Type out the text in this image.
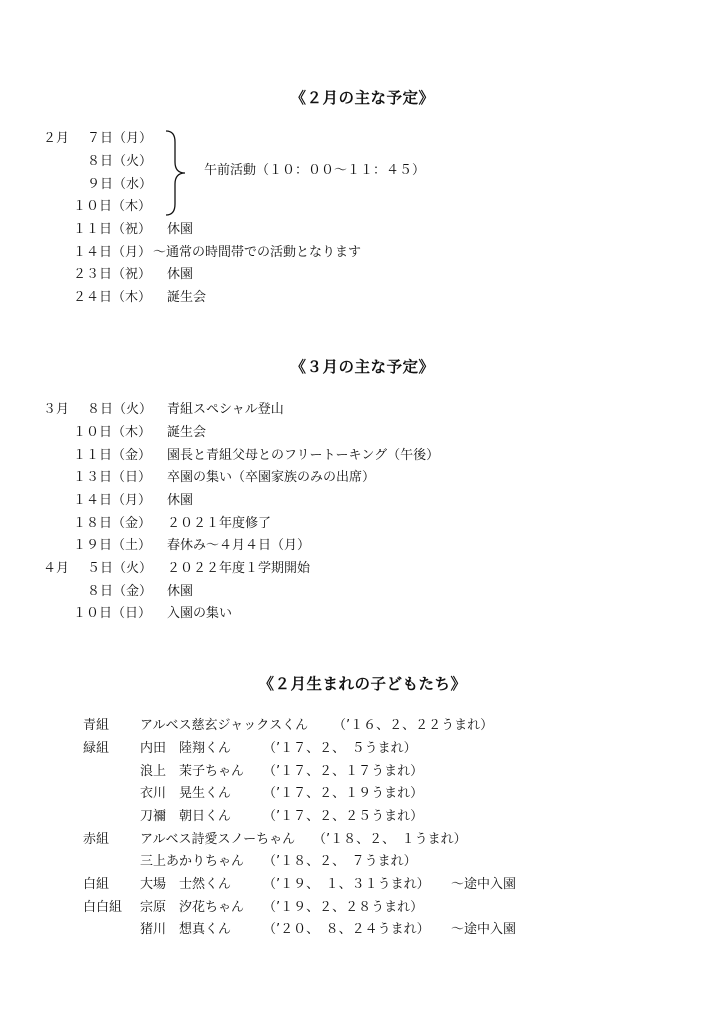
《２月の主な予定》
２月 ７日（月）
８日（火）
９日（水）
１０日（木）
午前活動（１０：００～１１：４５）
１１日（祝） 休園
１４日（月） ～通常の時間帯での活動となります
２３日（祝） 休園
２４日（木） 誕生会
《３月の主な予定》
３月 ８日（火） 青組スペシャル登山
１０日（木） 誕生会
１１日（金） 園長と青組父母とのフリートーキング（午後）
１３日（日） 卒園の集い（卒園家族のみの出席）
１４日（月） 休園
１８日（金） ２０２１年度修了
１９日（土） 春休み～４月４日（月）
４月 ５日（火） ２０２２年度１学期開始
８日（金） 休園
１０日（日） 入園の集い
《２月生まれの子どもたち》
青組 アルベス慈玄ジャックスくん （’１６、２、２２うまれ）
緑組 内田　陸翔くん （’１７、２、　５うまれ）
浪上　茉子ちゃん （’１７、２、１７うまれ）
衣川　晃生くん （’１７、２、１９うまれ）
刀禰　朝日くん （’１７、２、２５うまれ）
赤組 アルベス詩愛スノーちゃん （’１８、２、　１うまれ）
三上あかりちゃん （’１８、２、　７うまれ）
白組 大場　士然くん （’１９、　１、３１うまれ） ～途中入園
白白組 宗原　汐花ちゃん （’１９、２、２８うまれ）
猪川　想真くん （’２０、　８、２４うまれ） ～途中入園
